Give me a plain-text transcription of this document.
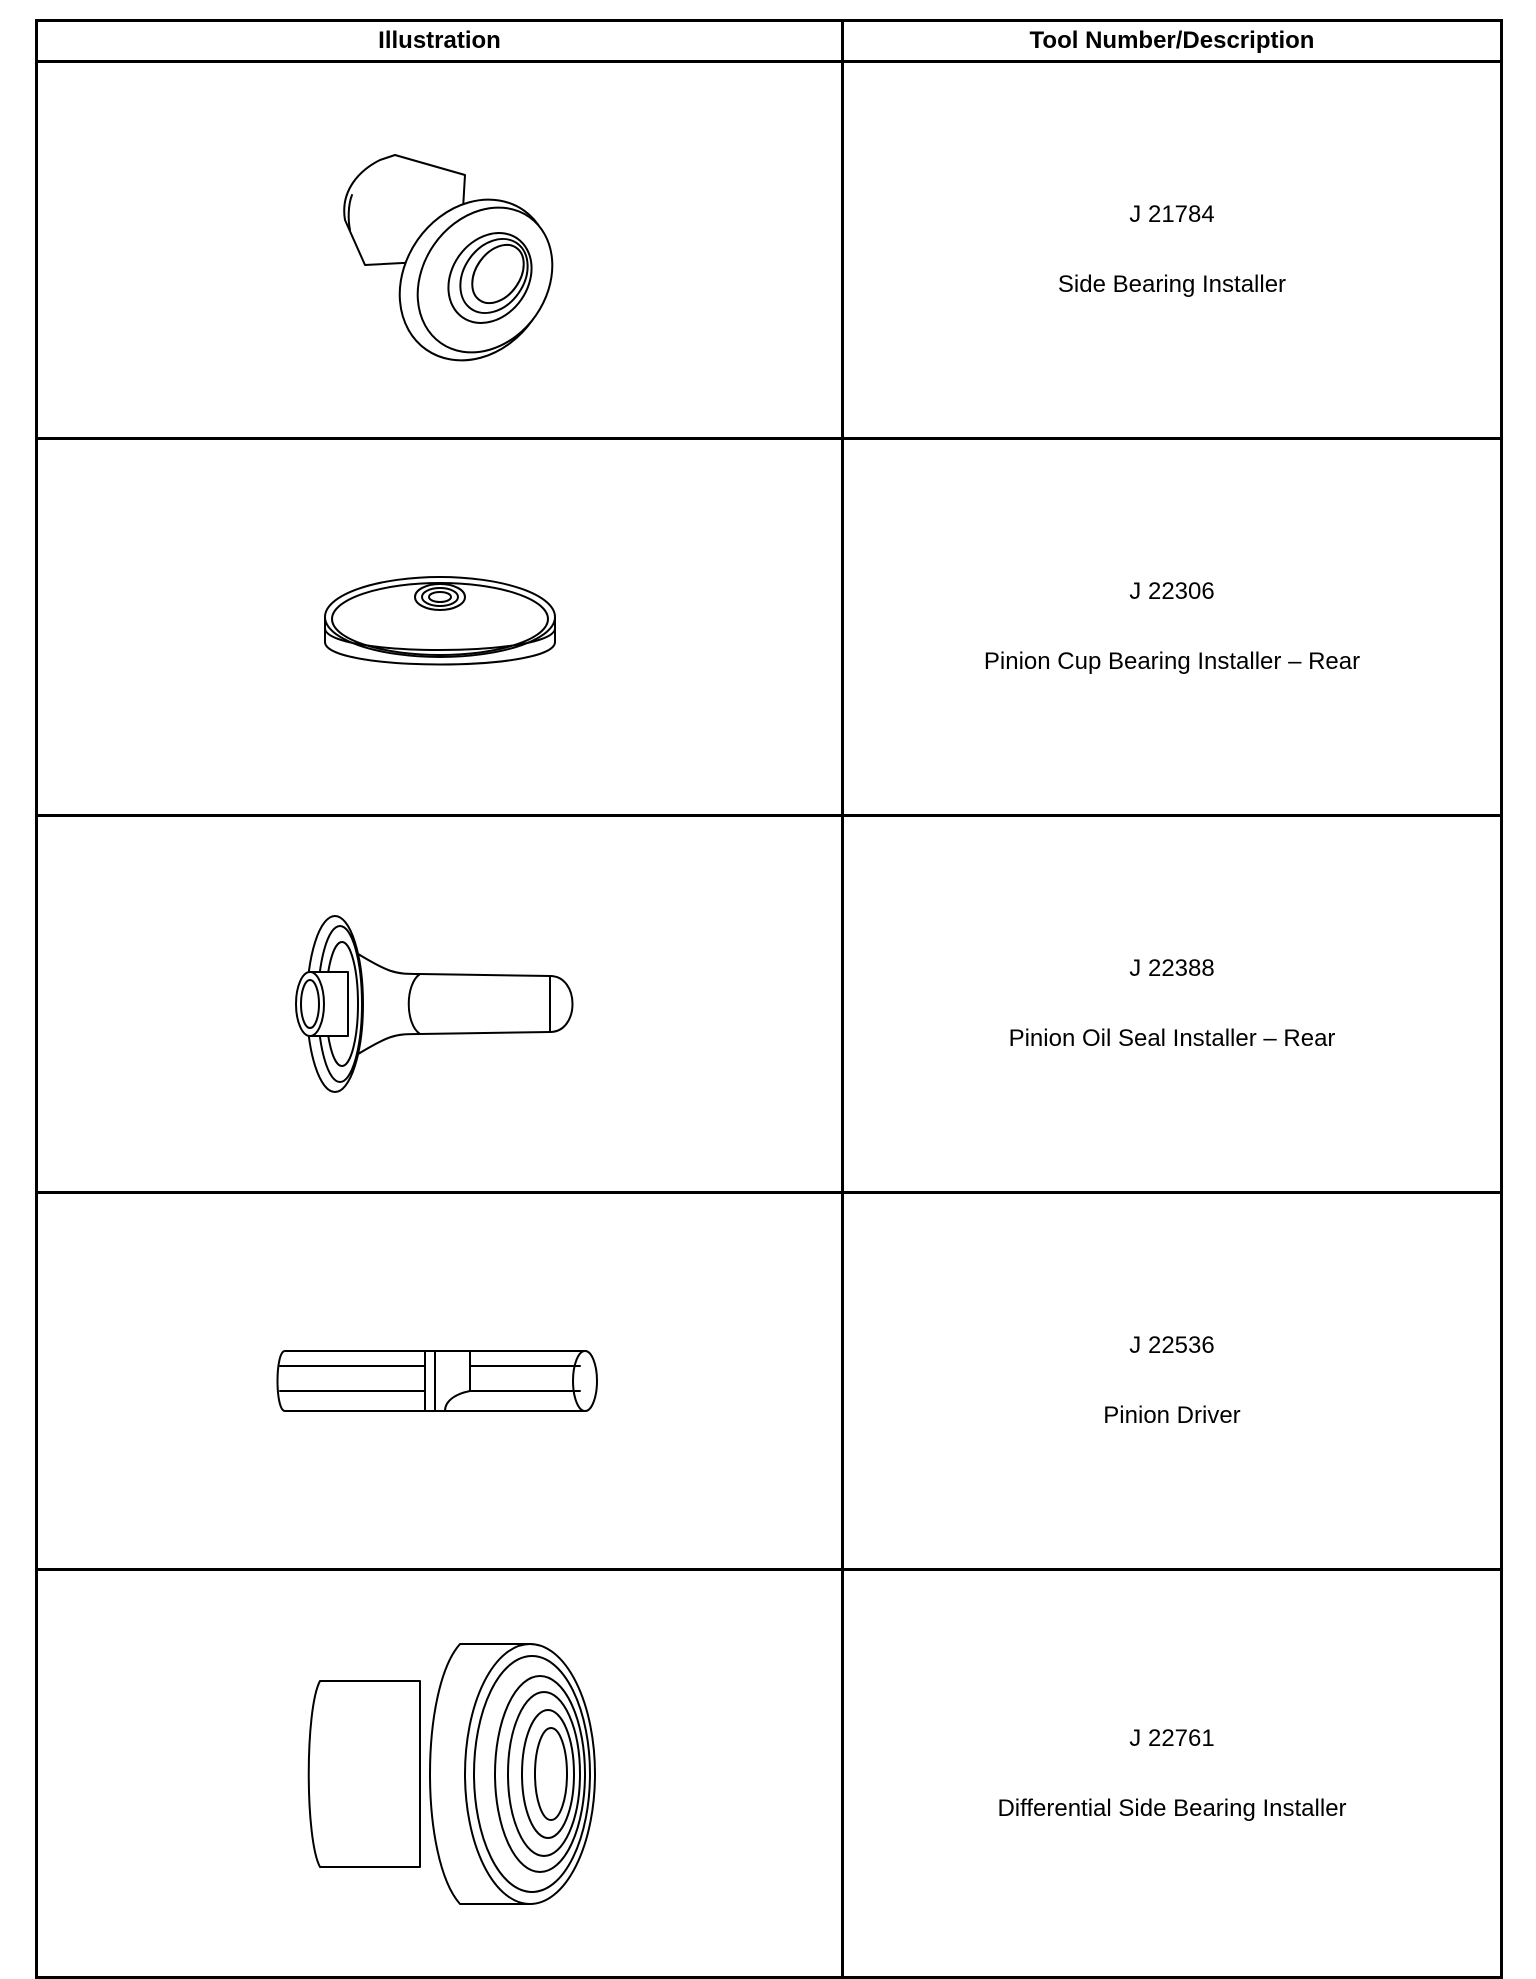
Illustration	Tool Number/Description

J 21784
Side Bearing Installer

J 22306
Pinion Cup Bearing Installer – Rear

J 22388
Pinion Oil Seal Installer – Rear

J 22536
Pinion Driver

J 22761
Differential Side Bearing Installer
